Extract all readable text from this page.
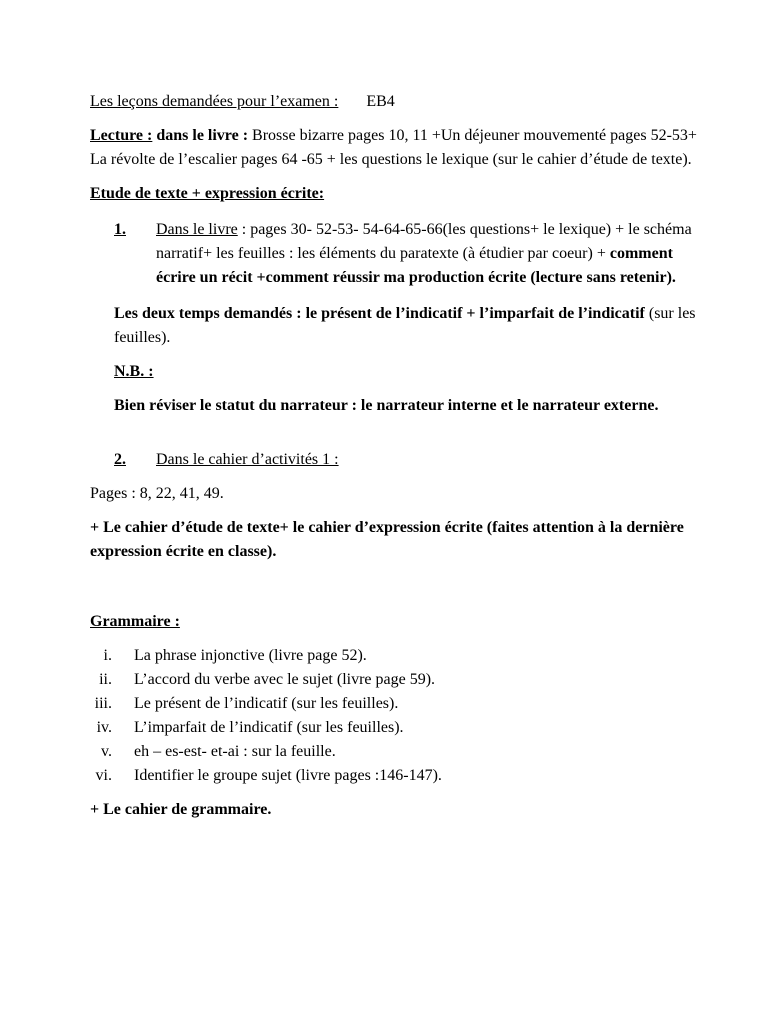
Les leçons demandées pour l’examen : EB4

Lecture : dans le livre : Brosse bizarre pages 10, 11 +Un déjeuner mouvementé pages 52-53+ La révolte de l’escalier pages 64 -65 + les questions le lexique (sur le cahier d’étude de texte).

Etude de texte + expression écrite:

1. Dans le livre : pages 30- 52-53- 54-64-65-66(les questions+ le lexique) + le schéma narratif+ les feuilles : les éléments du paratexte (à étudier par coeur) + comment écrire un récit +comment réussir ma production écrite (lecture sans retenir).

Les deux temps demandés : le présent de l’indicatif + l’imparfait de l’indicatif (sur les feuilles).

N.B. :

Bien réviser le statut du narrateur : le narrateur interne et le narrateur externe.

2. Dans le cahier d’activités 1 :

Pages : 8, 22, 41, 49.

+ Le cahier d’étude de texte+ le cahier d’expression écrite (faites attention à la dernière expression écrite en classe).

Grammaire :

i. La phrase injonctive (livre page 52).
ii. L’accord du verbe avec le sujet (livre page 59).
iii. Le présent de l’indicatif (sur les feuilles).
iv. L’imparfait de l’indicatif (sur les feuilles).
v. eh – es-est- et-ai : sur la feuille.
vi. Identifier le groupe sujet (livre pages :146-147).

+ Le cahier de grammaire.
